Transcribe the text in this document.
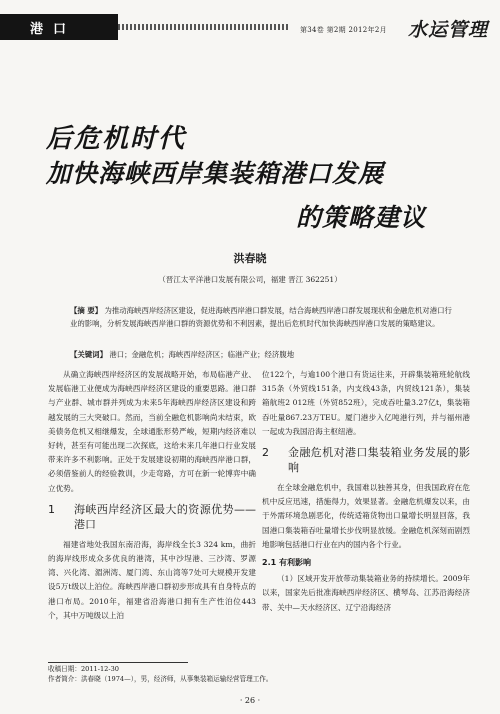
港口	第34卷 第2期 2012年2月 水运管理
后危机时代
加快海峡西岸集装箱港口发展
的策略建议
洪春晓
（晋江太平洋港口发展有限公司，福建 晋江 362251）
【摘 要】 为推动海峡西岸经济区建设，促进海峡西岸港口群发展，结合海峡西岸港口群发展现状和金融危机对港口行业的影响，分析发展海峡西岸港口群的资源优势和不利因素，提出后危机时代加快海峡西岸港口发展的策略建议。
【关键词】 港口；金融危机；海峡西岸经济区；临港产业；经济腹地

从确立海峡西岸经济区的发展战略开始，布局临港产业、发展临港工业便成为海峡西岸经济区建设的重要思路。港口群与产业群、城市群并列成为未来5年海峡西岸经济区建设和跨越发展的三大突破口。然而，当前全融危机影响尚未结束，欧美债务危机又相继爆发，全球通胀形势严峻，短期内经济难以好转，甚至有可能出现二次探底，这给未来几年港口行业发展带来许多不利影响。正处于发展建设初期的海峡西岸港口群，必须借鉴前人的经验教训，少走弯路，方可在新一轮博弈中确立优势。

1	海峡西岸经济区最大的资源优势——港口

福建省地处我国东南沿海，海岸线全长3 324 km，曲折的海岸线形成众多优良的港湾，其中沙埕港、三沙湾、罗源湾、兴化湾、湄洲湾、厦门湾、东山湾等7处可大规模开发建设5万t级以上泊位。海峡西岸港口群初步形成具有自身特点的港口布局。2010年，福建省沿海港口拥有生产性泊位443个，其中万吨级以上泊

位122个，与逾100个港口有货运往来，开辟集装箱班轮航线315条（外贸线151条，内支线43条，内贸线121条），集装箱航班2 012班（外贸852班），完成吞吐量3.27亿t，集装箱吞吐量867.23万TEU。厦门港步入亿吨港行列，并与福州港一起成为我国沿海主枢纽港。

2	金融危机对港口集装箱业务发展的影响

在全球金融危机中，我国难以独善其身，但我国政府在危机中反应迅速，措施得力，效果显著。金融危机爆发以来，由于外需环境急剧恶化，传统适箱货物出口量增长明显回落，我国港口集装箱吞吐量增长步伐明显放缓。金融危机深刻而剧烈地影响包括港口行业在内的国内各个行业。

2.1 有利影响

（1）区域开发开放带动集装箱业务的持续增长。2009年以来，国家先后批准海峡西岸经济区、横琴岛、江苏沿海经济带、关中—天水经济区、辽宁沿海经济

收稿日期：2011-12-30
作者简介：洪春晓（1974—），男，经济师，从事集装箱运输经营管理工作。
· 26 ·
